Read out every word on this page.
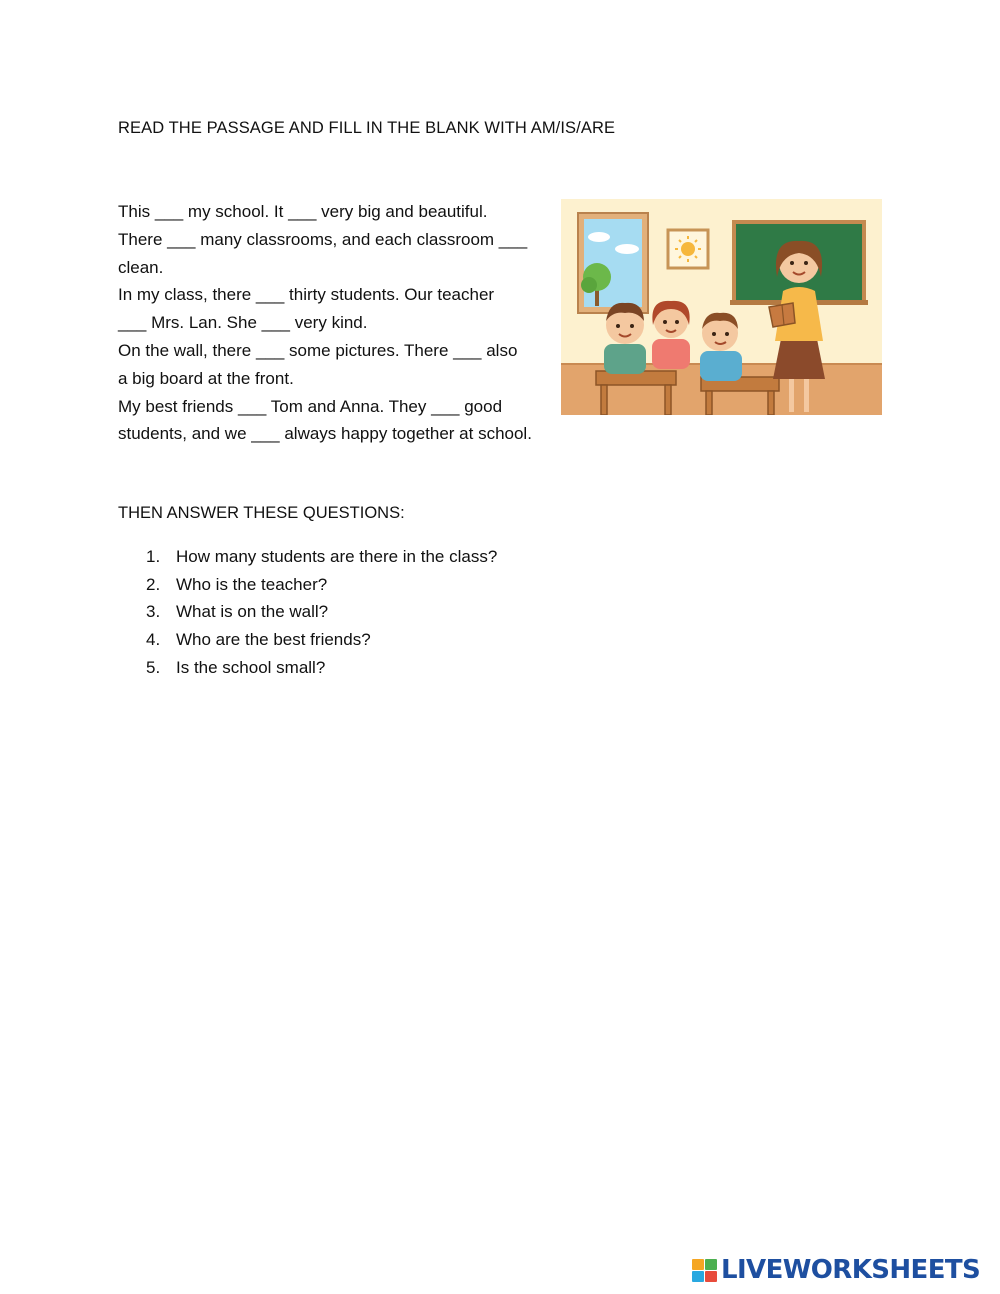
READ THE PASSAGE AND FILL IN THE BLANK WITH AM/IS/ARE
This ___ my school. It ___ very big and beautiful.
There ___ many classrooms, and each classroom ___
clean.
In my class, there ___ thirty students. Our teacher
___ Mrs. Lan. She ___ very kind.
On the wall, there ___ some pictures. There ___ also
a big board at the front.
My best friends ___ Tom and Anna. They ___ good
students, and we ___ always happy together at school.
THEN ANSWER THESE QUESTIONS:
1. How many students are there in the class?
2. Who is the teacher?
3. What is on the wall?
4. Who are the best friends?
5. Is the school small?
LIVEWORKSHEETS
